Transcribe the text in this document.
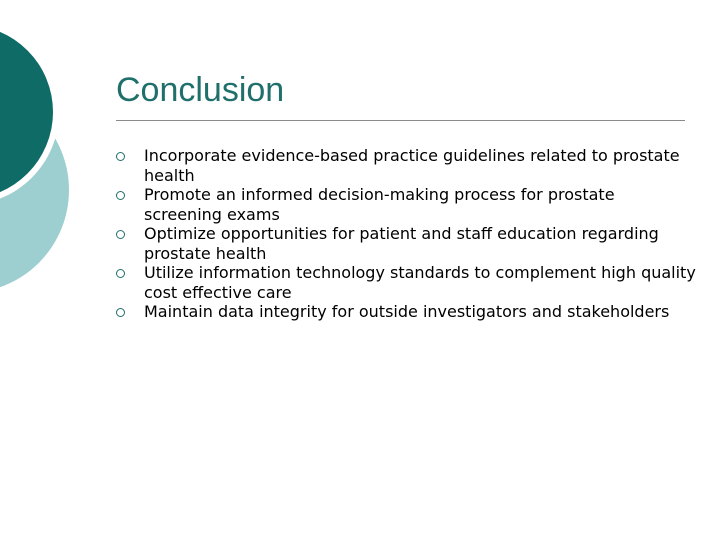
Conclusion
Incorporate evidence-based practice guidelines related to prostate health
Promote an informed decision-making process for prostate screening exams
Optimize opportunities for patient and staff education regarding prostate health
Utilize information technology standards to complement high quality cost effective care
Maintain data integrity for outside investigators and stakeholders
